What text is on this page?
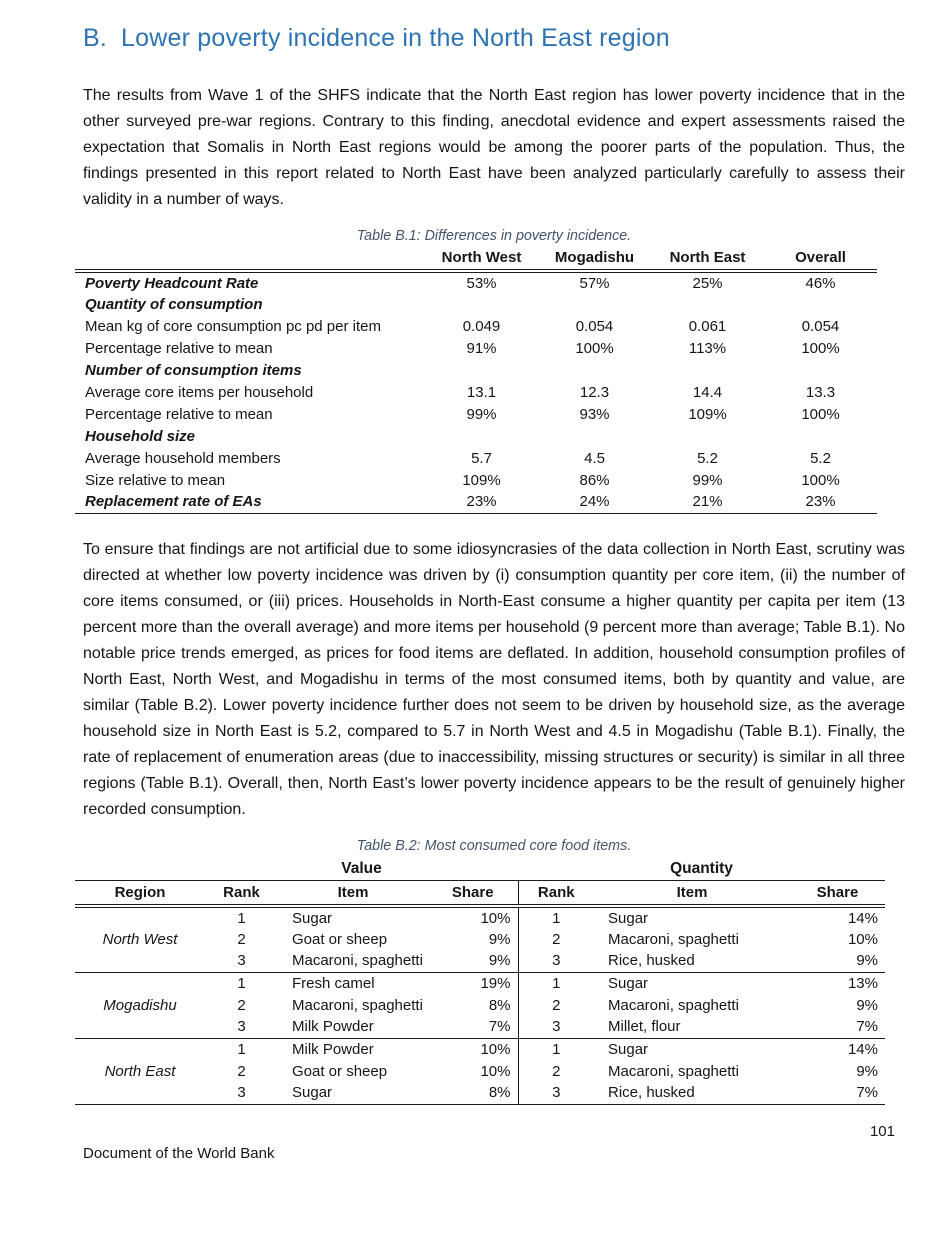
B. Lower poverty incidence in the North East region

The results from Wave 1 of the SHFS indicate that the North East region has lower poverty incidence that in the other surveyed pre-war regions. Contrary to this finding, anecdotal evidence and expert assessments raised the expectation that Somalis in North East regions would be among the poorer parts of the population. Thus, the findings presented in this report related to North East have been analyzed particularly carefully to assess their validity in a number of ways.

Table B.1: Differences in poverty incidence.
	North West	Mogadishu	North East	Overall
Poverty Headcount Rate	53%	57%	25%	46%
Quantity of consumption				
Mean kg of core consumption pc pd per item	0.049	0.054	0.061	0.054
Percentage relative to mean	91%	100%	113%	100%
Number of consumption items				
Average core items per household	13.1	12.3	14.4	13.3
Percentage relative to mean	99%	93%	109%	100%
Household size				
Average household members	5.7	4.5	5.2	5.2
Size relative to mean	109%	86%	99%	100%
Replacement rate of EAs	23%	24%	21%	23%

To ensure that findings are not artificial due to some idiosyncrasies of the data collection in North East, scrutiny was directed at whether low poverty incidence was driven by (i) consumption quantity per core item, (ii) the number of core items consumed, or (iii) prices. Households in North-East consume a higher quantity per capita per item (13 percent more than the overall average) and more items per household (9 percent more than average; Table B.1). No notable price trends emerged, as prices for food items are deflated. In addition, household consumption profiles of North East, North West, and Mogadishu in terms of the most consumed items, both by quantity and value, are similar (Table B.2). Lower poverty incidence further does not seem to be driven by household size, as the average household size in North East is 5.2, compared to 5.7 in North West and 4.5 in Mogadishu (Table B.1). Finally, the rate of replacement of enumeration areas (due to inaccessibility, missing structures or security) is similar in all three regions (Table B.1). Overall, then, North East’s lower poverty incidence appears to be the result of genuinely higher recorded consumption.

Table B.2: Most consumed core food items.
	Value			Quantity		
Region	Rank	Item	Share	Rank	Item	Share
North West	1	Sugar	10%	1	Sugar	14%
	2	Goat or sheep	9%	2	Macaroni, spaghetti	10%
	3	Macaroni, spaghetti	9%	3	Rice, husked	9%
Mogadishu	1	Fresh camel	19%	1	Sugar	13%
	2	Macaroni, spaghetti	8%	2	Macaroni, spaghetti	9%
	3	Milk Powder	7%	3	Millet, flour	7%
North East	1	Milk Powder	10%	1	Sugar	14%
	2	Goat or sheep	10%	2	Macaroni, spaghetti	9%
	3	Sugar	8%	3	Rice, husked	7%
101
Document of the World Bank
